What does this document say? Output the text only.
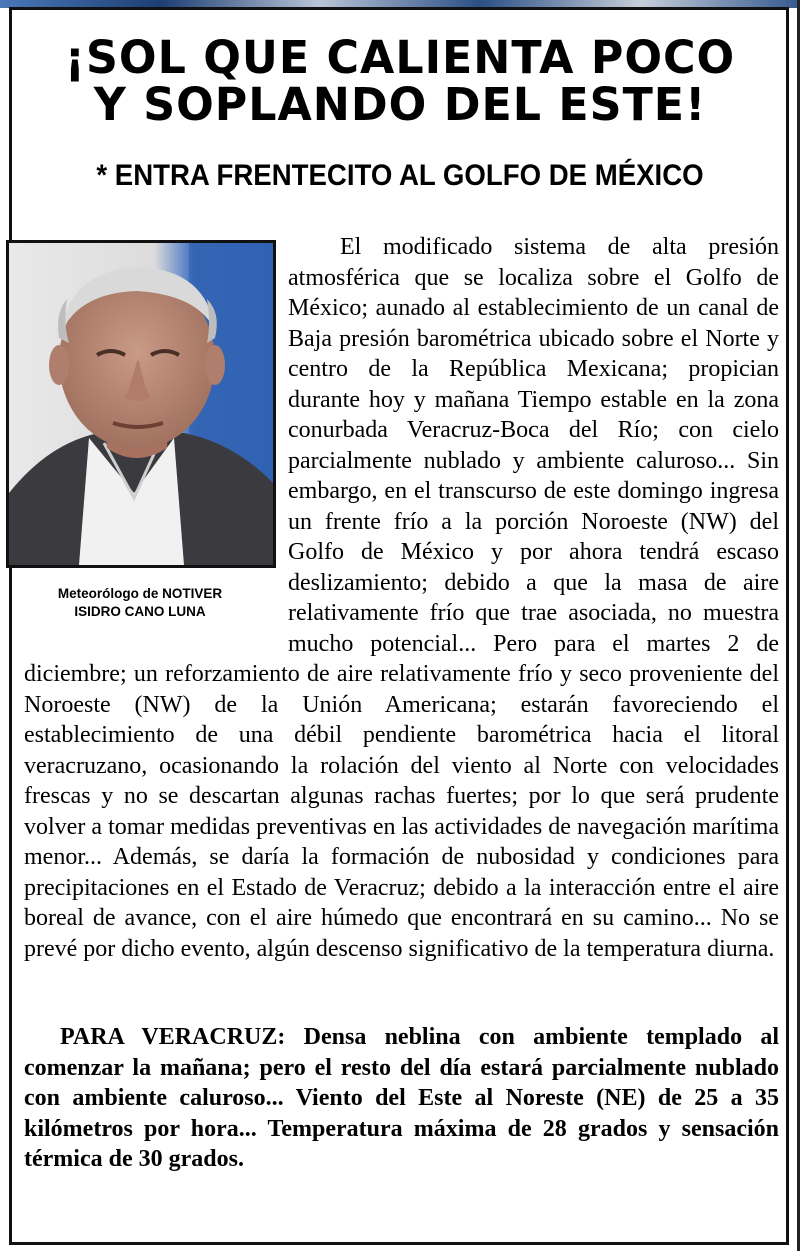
¡SOL QUE CALIENTA POCO
Y SOPLANDO DEL ESTE!
* ENTRA FRENTECITO AL GOLFO DE MÉXICO
Meteorólogo de NOTIVER
ISIDRO CANO LUNA

El modificado sistema de alta presión atmosférica que se localiza sobre el Golfo de México; aunado al establecimiento de un canal de Baja presión barométrica ubicado sobre el Norte y centro de la República Mexicana; propician durante hoy y mañana Tiempo estable en la zona conurbada Veracruz-Boca del Río; con cielo parcialmente nublado y ambiente caluroso... Sin embargo, en el transcurso de este domingo ingresa un frente frío a la porción Noroeste (NW) del Golfo de México y por ahora tendrá escaso deslizamiento; debido a que la masa de aire relativamente frío que trae asociada, no muestra mucho potencial... Pero para el martes 2 de diciembre; un reforzamiento de aire relativamente frío y seco proveniente del Noroeste (NW) de la Unión Americana; estarán favoreciendo el establecimiento de una débil pendiente barométrica hacia el litoral veracruzano, ocasionando la rolación del viento al Norte con velocidades frescas y no se descartan algunas rachas fuertes; por lo que será prudente volver a tomar medidas preventivas en las actividades de navegación marítima menor... Además, se daría la formación de nubosidad y condiciones para precipitaciones en el Estado de Veracruz; debido a la interacción entre el aire boreal de avance, con el aire húmedo que encontrará en su camino... No se prevé por dicho evento, algún descenso significativo de la temperatura diurna.

PARA VERACRUZ: Densa neblina con ambiente templado al comenzar la mañana; pero el resto del día estará parcialmente nublado con ambiente caluroso... Viento del Este al Noreste (NE) de 25 a 35 kilómetros por hora... Temperatura máxima de 28 grados y sensación térmica de 30 grados.
